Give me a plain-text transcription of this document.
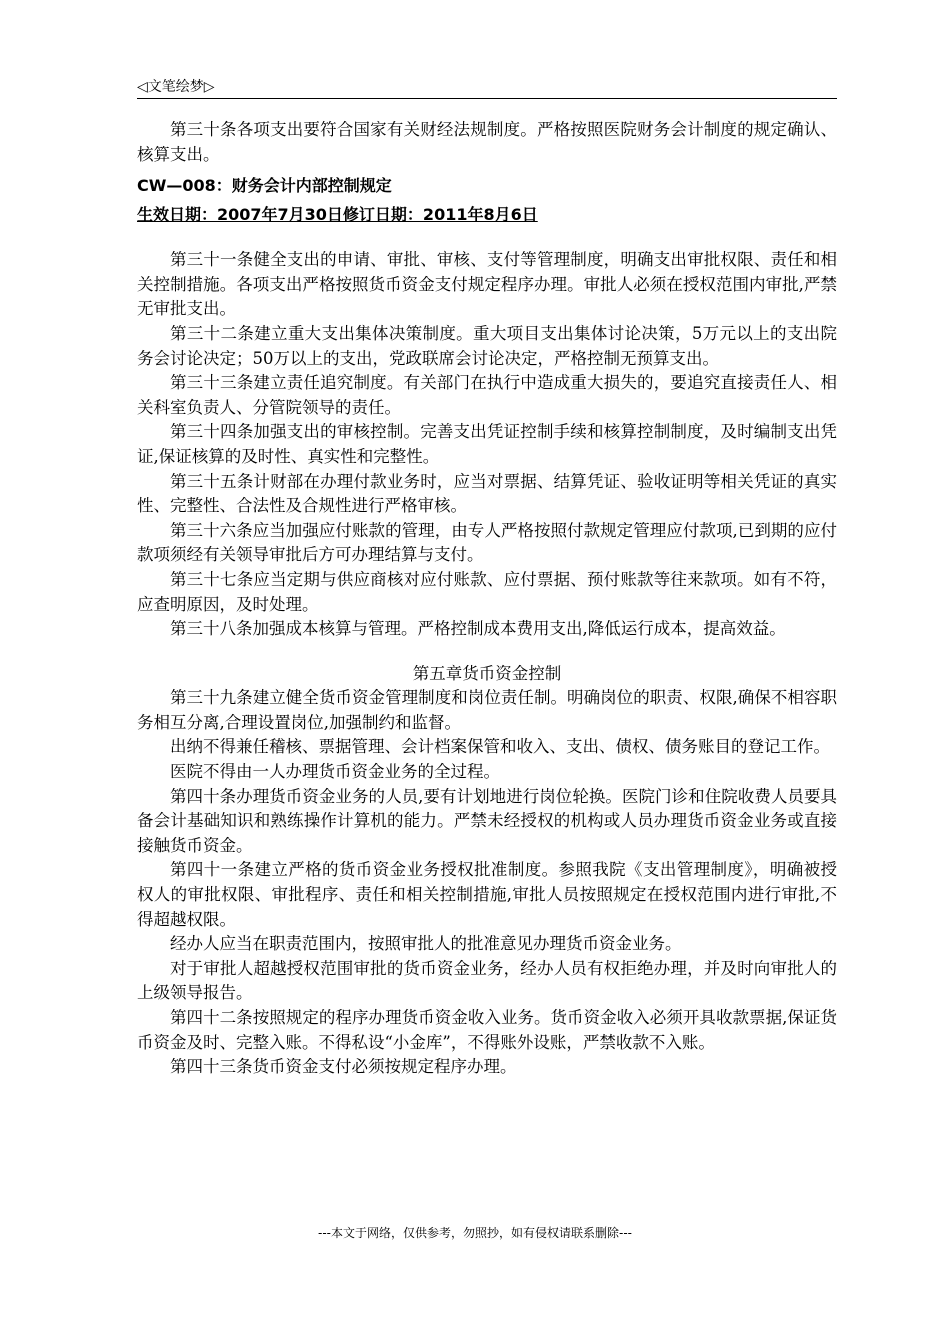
◁文笔绘梦▷

第三十条各项支出要符合国家有关财经法规制度。严格按照医院财务会计制度的规定确认、核算支出。

CW—008：财务会计内部控制规定

生效日期：2007年7月30日修订日期：2011年8月6日

第三十一条健全支出的申请、审批、审核、支付等管理制度，明确支出审批权限、责任和相关控制措施。各项支出严格按照货币资金支付规定程序办理。审批人必须在授权范围内审批,严禁无审批支出。

第三十二条建立重大支出集体决策制度。重大项目支出集体讨论决策，5万元以上的支出院务会讨论决定；50万以上的支出，党政联席会讨论决定，严格控制无预算支出。

第三十三条建立责任追究制度。有关部门在执行中造成重大损失的，要追究直接责任人、相关科室负责人、分管院领导的责任。

第三十四条加强支出的审核控制。完善支出凭证控制手续和核算控制制度，及时编制支出凭证,保证核算的及时性、真实性和完整性。

第三十五条计财部在办理付款业务时，应当对票据、结算凭证、验收证明等相关凭证的真实性、完整性、合法性及合规性进行严格审核。

第三十六条应当加强应付账款的管理，由专人严格按照付款规定管理应付款项,已到期的应付款项须经有关领导审批后方可办理结算与支付。

第三十七条应当定期与供应商核对应付账款、应付票据、预付账款等往来款项。如有不符，应查明原因，及时处理。

第三十八条加强成本核算与管理。严格控制成本费用支出,降低运行成本，提高效益。

第五章货币资金控制

第三十九条建立健全货币资金管理制度和岗位责任制。明确岗位的职责、权限,确保不相容职务相互分离,合理设置岗位,加强制约和监督。

出纳不得兼任稽核、票据管理、会计档案保管和收入、支出、债权、债务账目的登记工作。

医院不得由一人办理货币资金业务的全过程。

第四十条办理货币资金业务的人员,要有计划地进行岗位轮换。医院门诊和住院收费人员要具备会计基础知识和熟练操作计算机的能力。严禁未经授权的机构或人员办理货币资金业务或直接接触货币资金。

第四十一条建立严格的货币资金业务授权批准制度。参照我院《支出管理制度》，明确被授权人的审批权限、审批程序、责任和相关控制措施,审批人员按照规定在授权范围内进行审批,不得超越权限。

经办人应当在职责范围内，按照审批人的批准意见办理货币资金业务。

对于审批人超越授权范围审批的货币资金业务，经办人员有权拒绝办理，并及时向审批人的上级领导报告。

第四十二条按照规定的程序办理货币资金收入业务。货币资金收入必须开具收款票据,保证货币资金及时、完整入账。不得私设“小金库”，不得账外设账，严禁收款不入账。

第四十三条货币资金支付必须按规定程序办理。

---本文于网络，仅供参考，勿照抄，如有侵权请联系删除---
